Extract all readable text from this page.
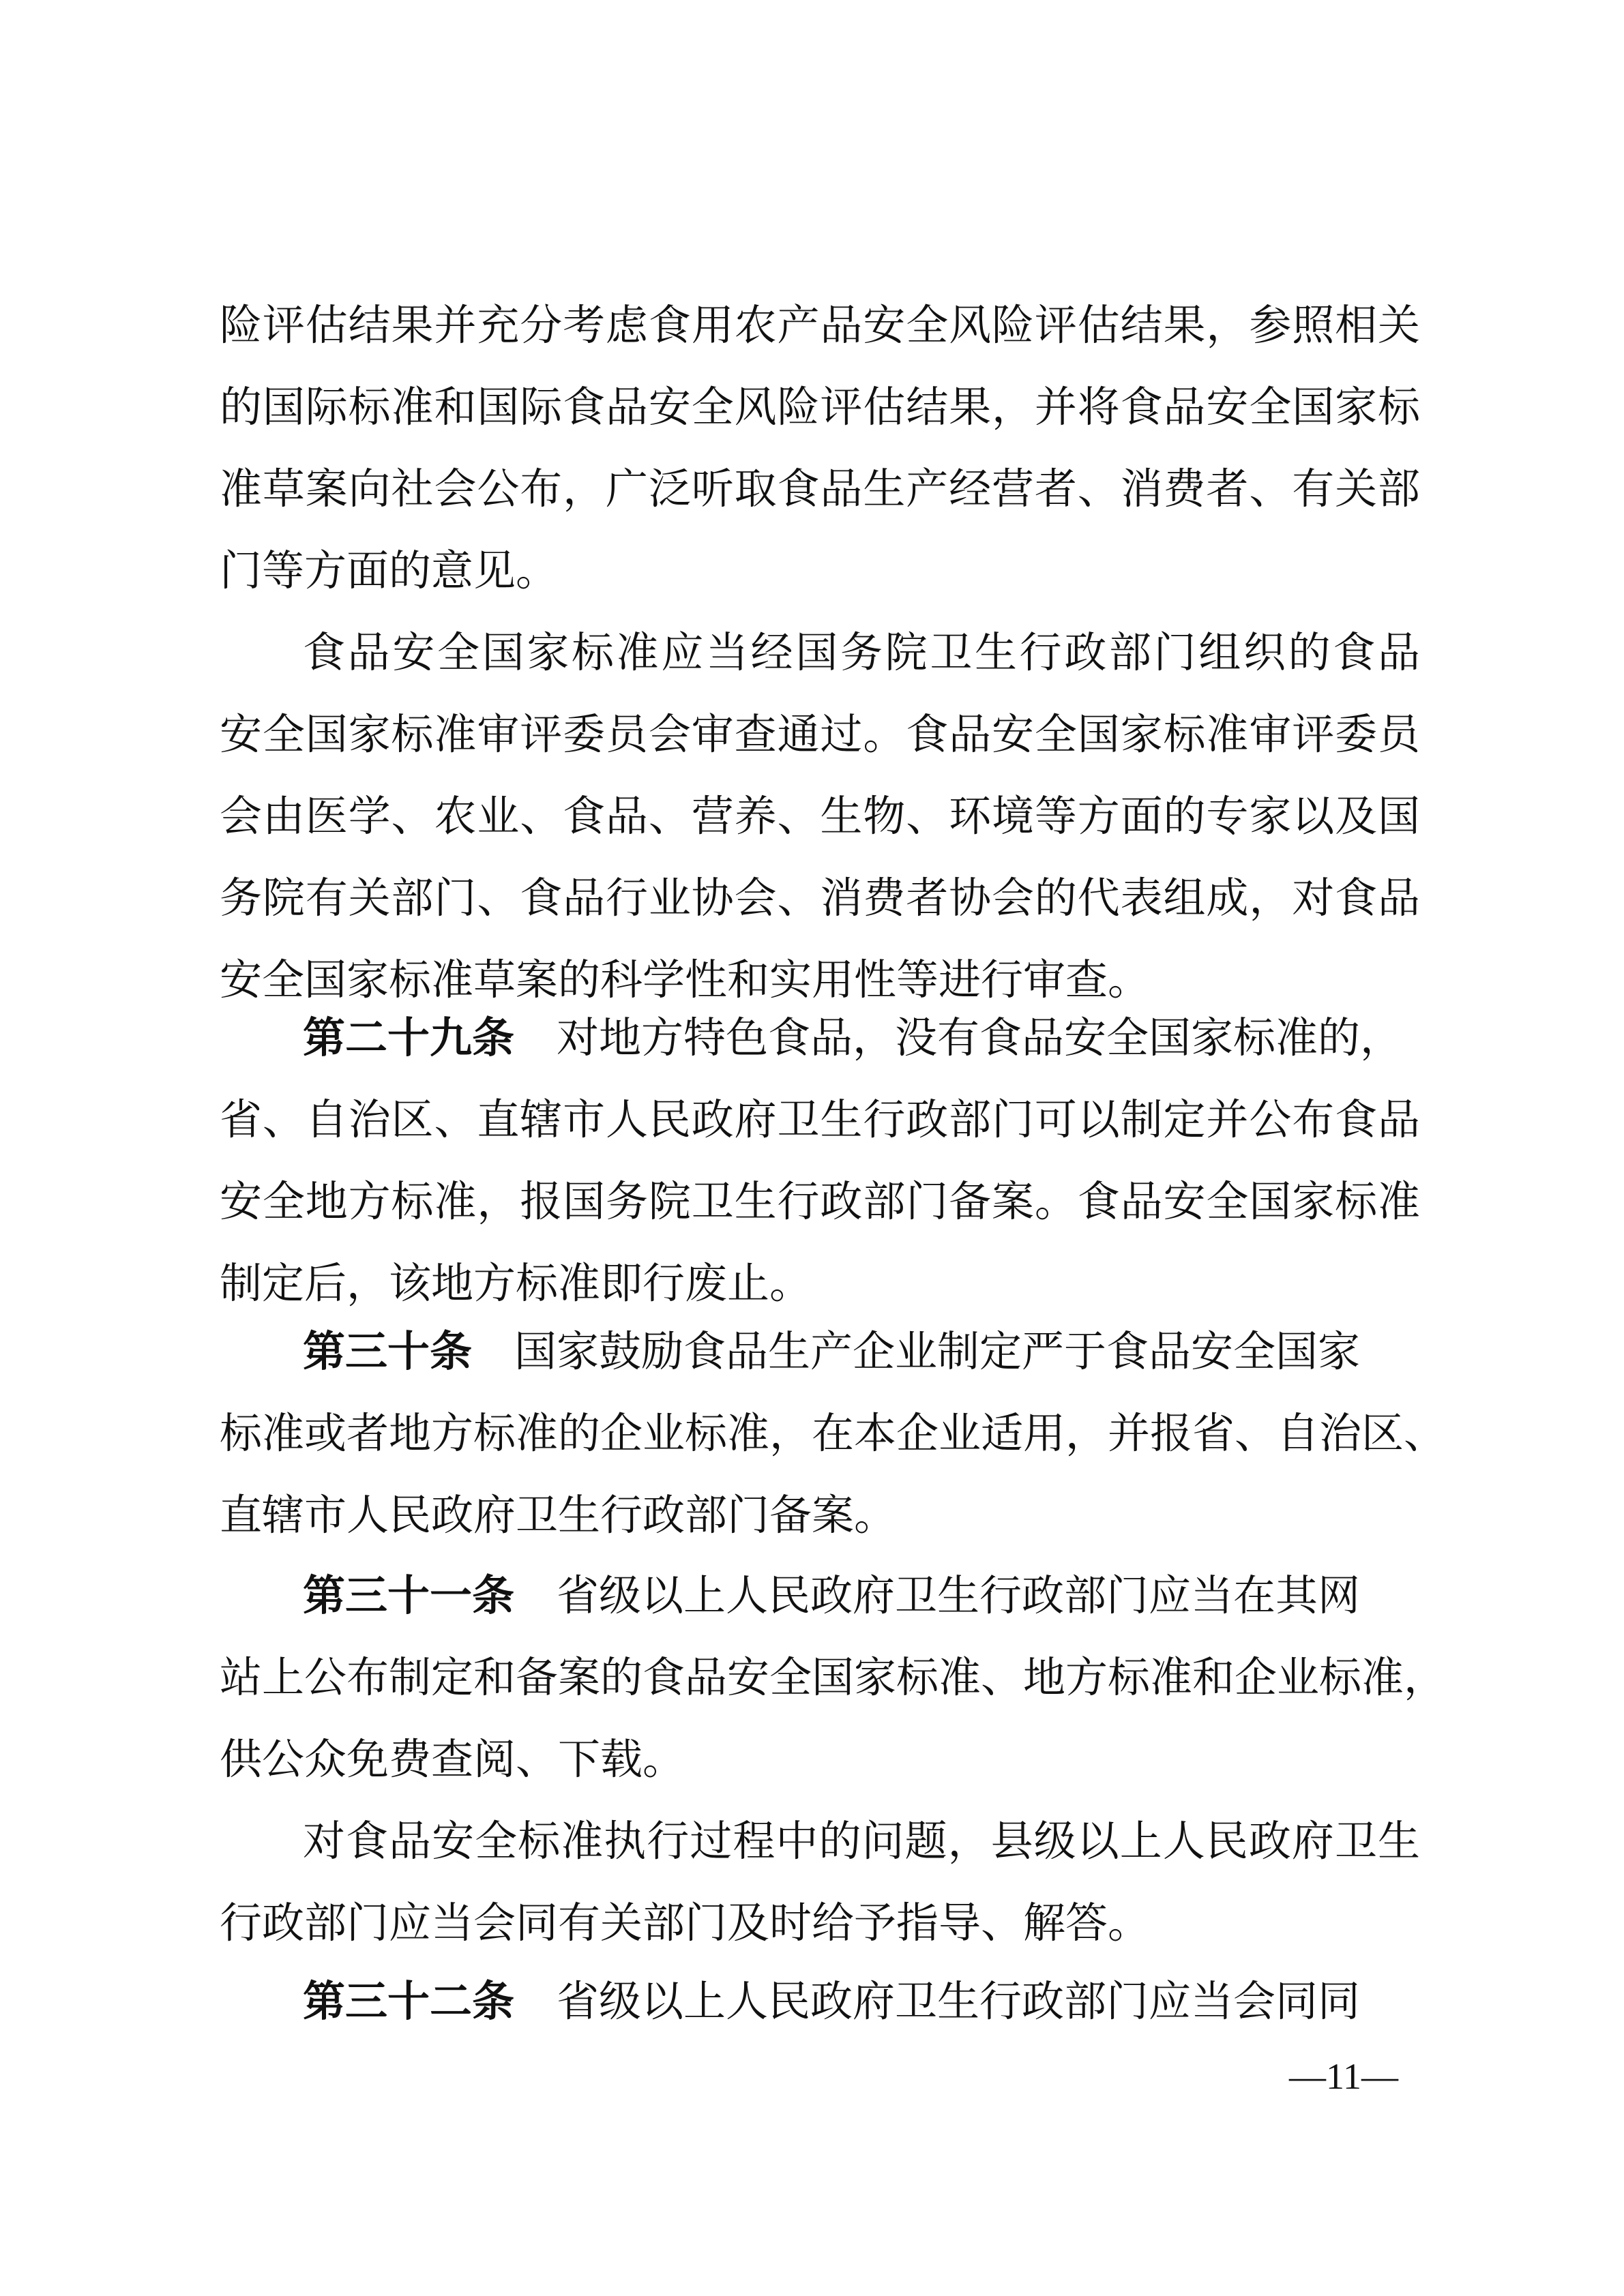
险评估结果并充分考虑食用农产品安全风险评估结果，参照相关
的国际标准和国际食品安全风险评估结果，并将食品安全国家标
准草案向社会公布，广泛听取食品生产经营者、消费者、有关部
门等方面的意见。
食品安全国家标准应当经国务院卫生行政部门组织的食品
安全国家标准审评委员会审查通过。食品安全国家标准审评委员
会由医学、农业、食品、营养、生物、环境等方面的专家以及国
务院有关部门、食品行业协会、消费者协会的代表组成，对食品
安全国家标准草案的科学性和实用性等进行审查。
第二十九条 对地方特色食品，没有食品安全国家标准的，
省、自治区、直辖市人民政府卫生行政部门可以制定并公布食品
安全地方标准，报国务院卫生行政部门备案。食品安全国家标准
制定后，该地方标准即行废止。
第三十条 国家鼓励食品生产企业制定严于食品安全国家
标准或者地方标准的企业标准，在本企业适用，并报省、自治区、
直辖市人民政府卫生行政部门备案。
第三十一条 省级以上人民政府卫生行政部门应当在其网
站上公布制定和备案的食品安全国家标准、地方标准和企业标准，
供公众免费查阅、下载。
对食品安全标准执行过程中的问题，县级以上人民政府卫生
行政部门应当会同有关部门及时给予指导、解答。
第三十二条 省级以上人民政府卫生行政部门应当会同同
—11—
